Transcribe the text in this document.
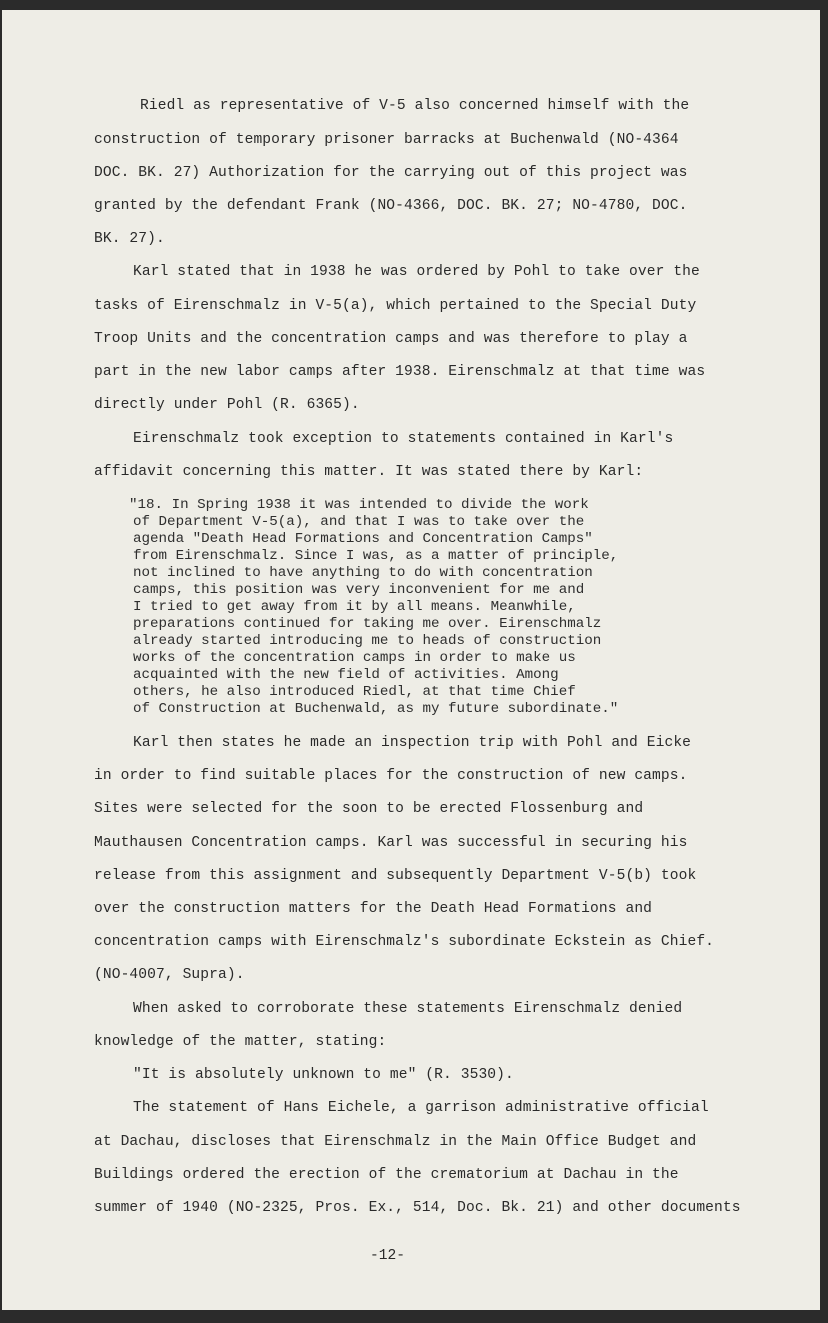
Riedl as representative of V-5 also concerned himself with the
construction of temporary prisoner barracks at Buchenwald (NO-4364
DOC. BK. 27) Authorization for the carrying out of this project was
granted by the defendant Frank (NO-4366, DOC. BK. 27; NO-4780, DOC.
BK. 27).
Karl stated that in 1938 he was ordered by Pohl to take over the
tasks of Eirenschmalz in V-5(a), which pertained to the Special Duty
Troop Units and the concentration camps and was therefore to play a
part in the new labor camps after 1938. Eirenschmalz at that time was
directly under Pohl (R. 6365).
Eirenschmalz took exception to statements contained in Karl's
affidavit concerning this matter. It was stated there by Karl:
"18. In Spring 1938 it was intended to divide the work
of Department V-5(a), and that I was to take over the
agenda "Death Head Formations and Concentration Camps"
from Eirenschmalz. Since I was, as a matter of principle,
not inclined to have anything to do with concentration
camps, this position was very inconvenient for me and
I tried to get away from it by all means. Meanwhile,
preparations continued for taking me over. Eirenschmalz
already started introducing me to heads of construction
works of the concentration camps in order to make us
acquainted with the new field of activities. Among
others, he also introduced Riedl, at that time Chief
of Construction at Buchenwald, as my future subordinate."
Karl then states he made an inspection trip with Pohl and Eicke
in order to find suitable places for the construction of new camps.
Sites were selected for the soon to be erected Flossenburg and
Mauthausen Concentration camps. Karl was successful in securing his
release from this assignment and subsequently Department V-5(b) took
over the construction matters for the Death Head Formations and
concentration camps with Eirenschmalz's subordinate Eckstein as Chief.
(NO-4007, Supra).
When asked to corroborate these statements Eirenschmalz denied
knowledge of the matter, stating:
"It is absolutely unknown to me" (R. 3530).
The statement of Hans Eichele, a garrison administrative official
at Dachau, discloses that Eirenschmalz in the Main Office Budget and
Buildings ordered the erection of the crematorium at Dachau in the
summer of 1940 (NO-2325, Pros. Ex., 514, Doc. Bk. 21) and other documents
-12-
